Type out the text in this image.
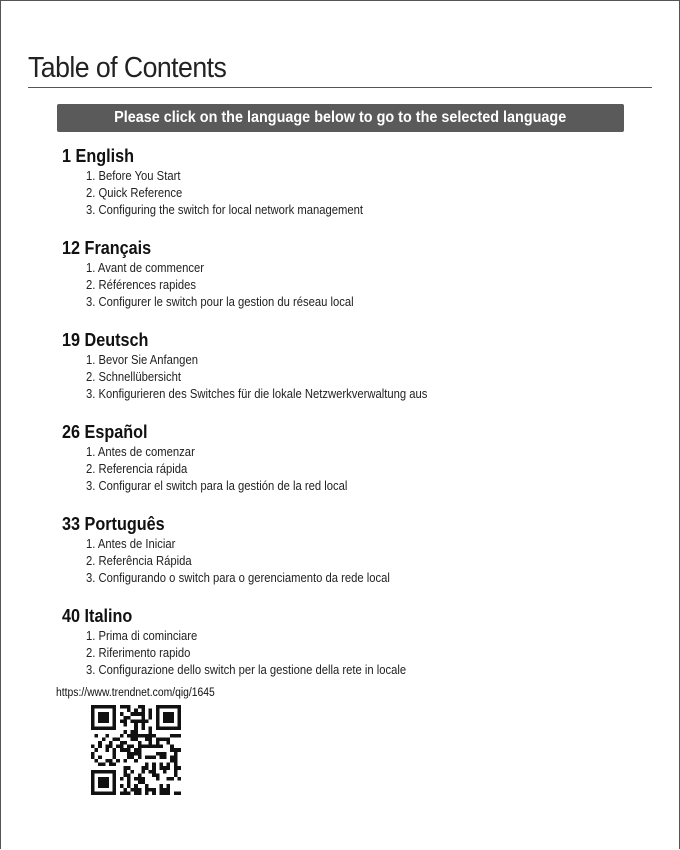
Table of Contents
Please click on the language below to go to the selected language
1 English
1. Before You Start
2. Quick Reference
3. Configuring the switch for local network management
12 Français
1. Avant de commencer
2. Références rapides
3. Configurer le switch pour la gestion du réseau local
19 Deutsch
1. Bevor Sie Anfangen
2. Schnellübersicht
3. Konfigurieren des Switches für die lokale Netzwerkverwaltung aus
26 Español
1. Antes de comenzar
2. Referencia rápida
3. Configurar el switch para la gestión de la red local
33 Português
1. Antes de Iniciar
2. Referência Rápida
3. Configurando o switch para o gerenciamento da rede local
40 Italino
1. Prima di cominciare
2. Riferimento rapido
3. Configurazione dello switch per la gestione della rete in locale
https://www.trendnet.com/qig/1645
